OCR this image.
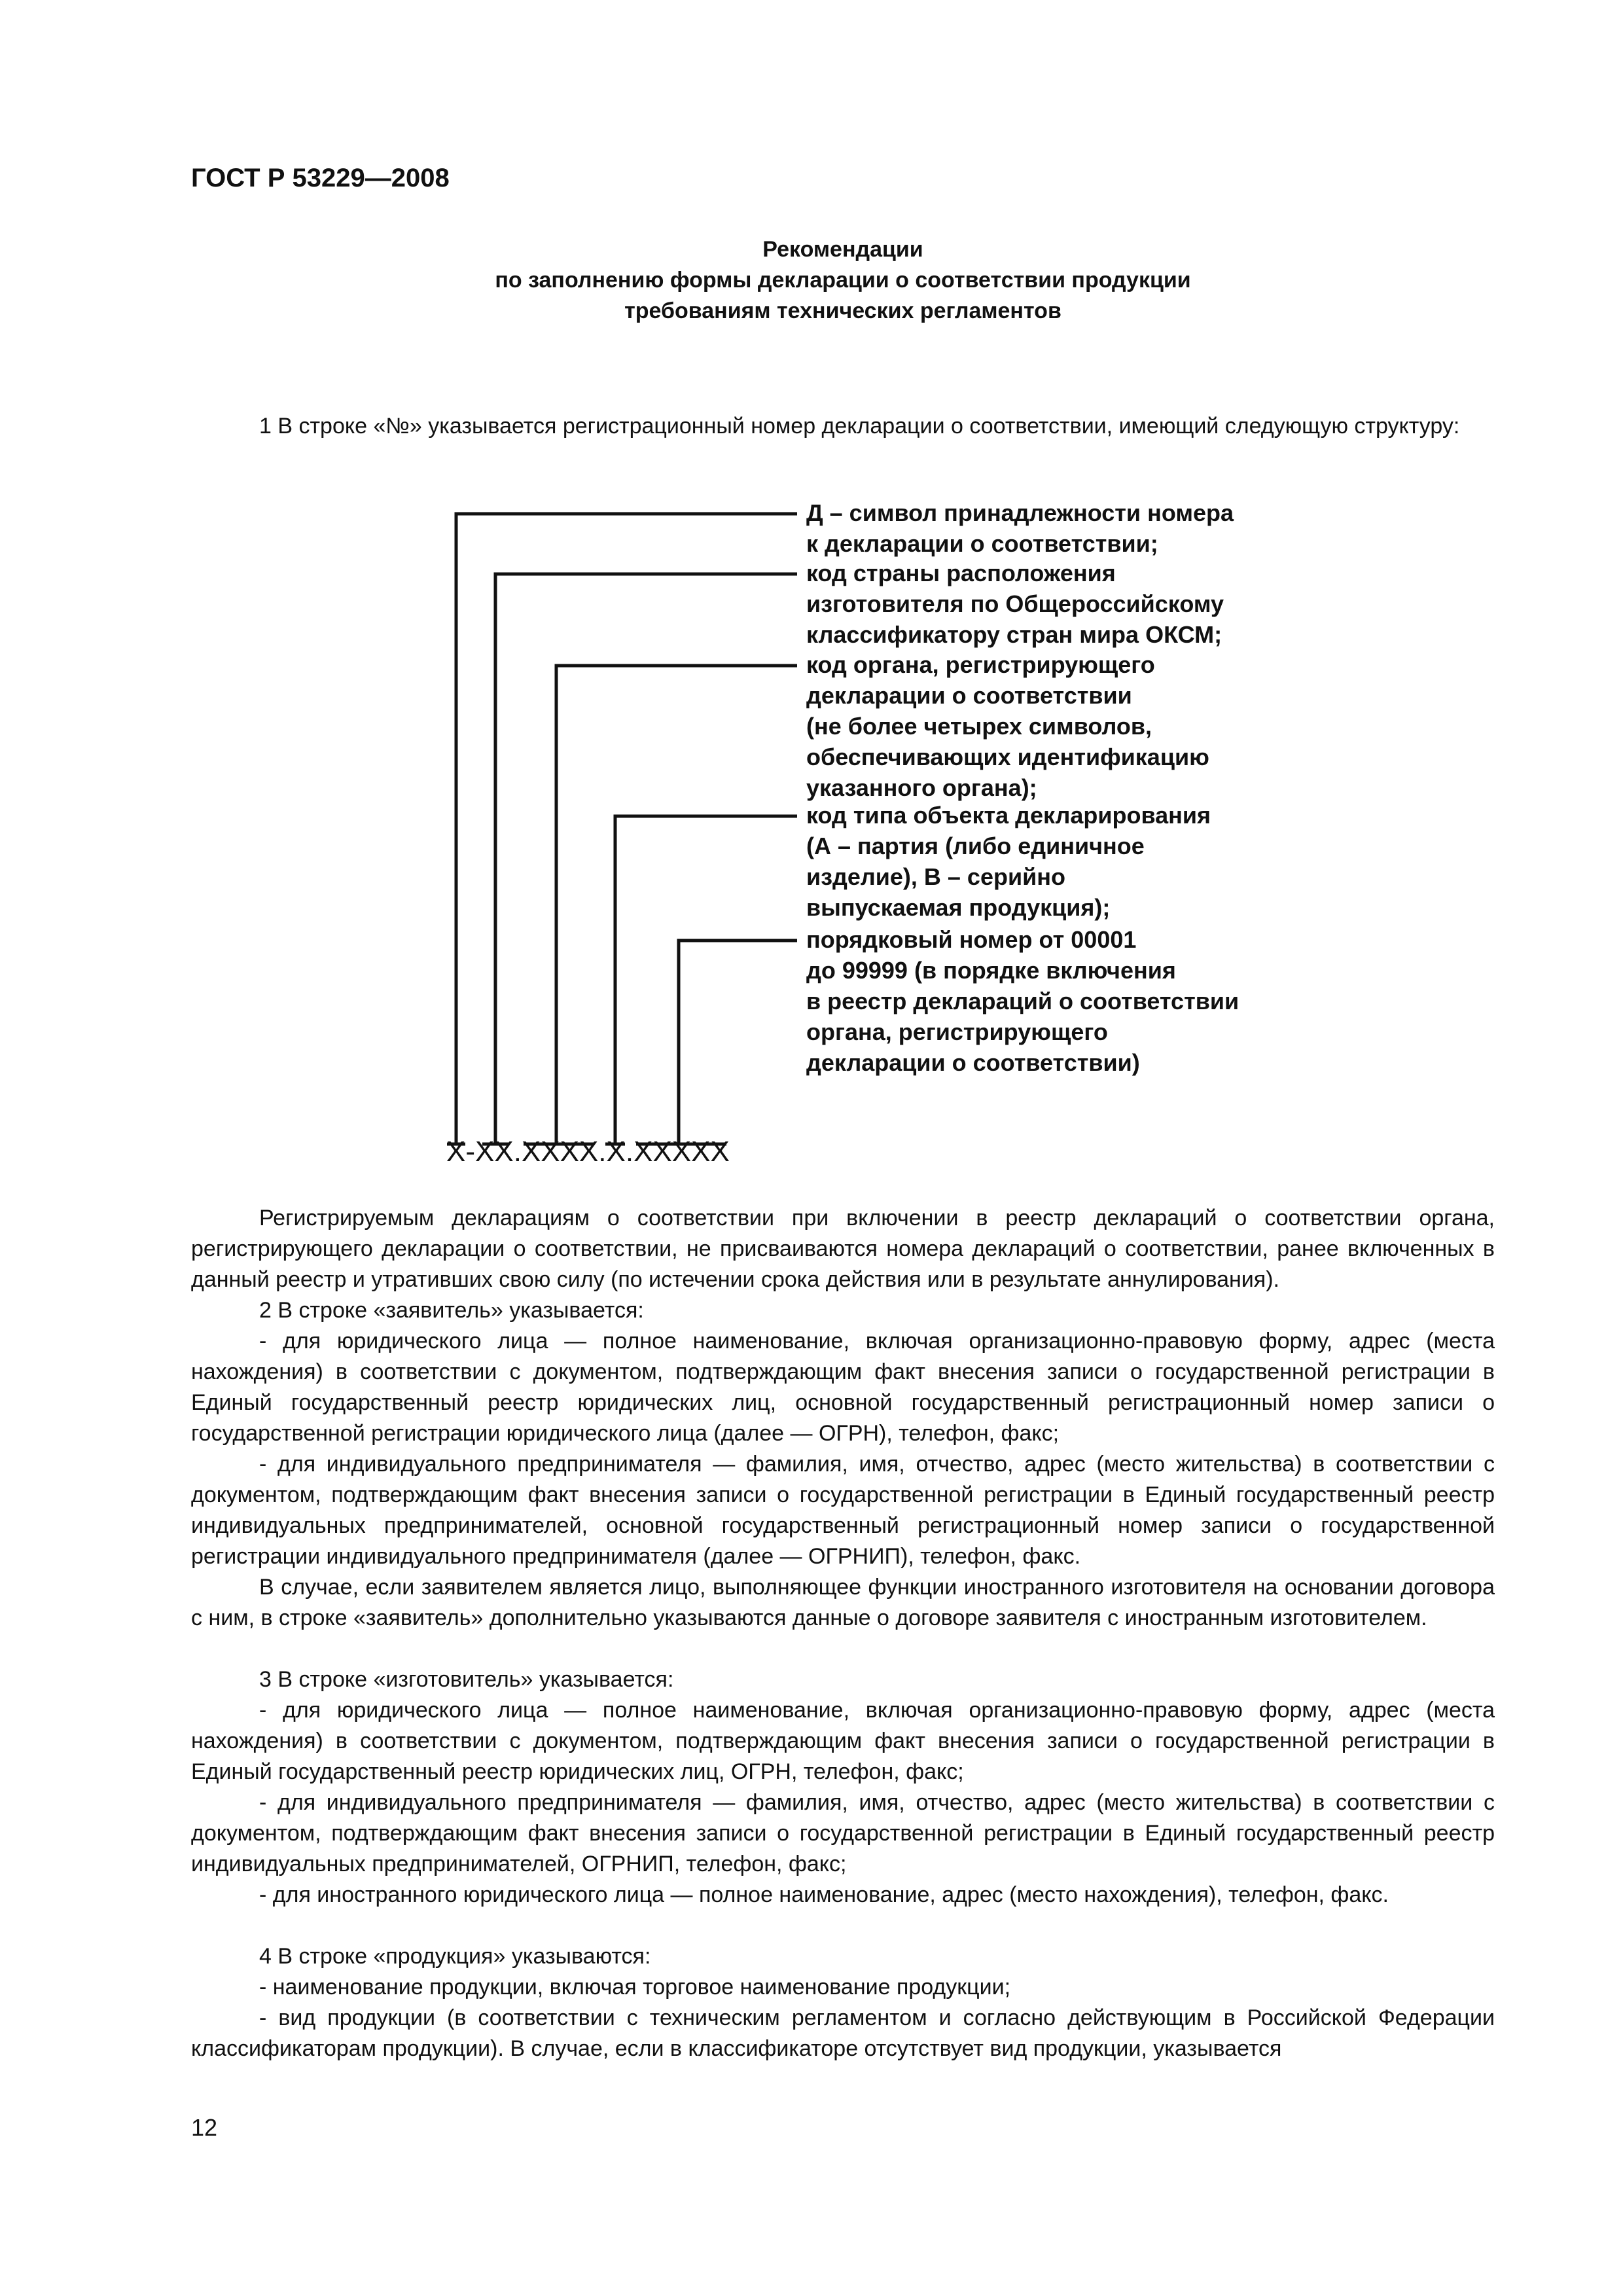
ГОСТ Р 53229—2008
Рекомендации
по заполнению формы декларации о соответствии продукции
требованиям технических регламентов
1 В строке «№» указывается регистрационный номер декларации о соответствии, имеющий следующую структуру:
Д – символ принадлежности номера
к декларации о соответствии;
код страны расположения
изготовителя по Общероссийскому
классификатору стран мира ОКСМ;
код органа, регистрирующего
декларации о соответствии
(не более четырех символов,
обеспечивающих идентификацию
указанного органа);
код типа объекта декларирования
(А – партия (либо единичное
изделие), В – серийно
выпускаемая продукция);
порядковый номер от 00001
до 99999 (в порядке включения
в реестр деклараций о соответствии
органа, регистрирующего
декларации о соответствии)
Х-ХХ.ХХХХ.Х.ХХХХХ
Регистрируемым декларациям о соответствии при включении в реестр деклараций о соответствии органа, регистрирующего декларации о соответствии, не присваиваются номера деклараций о соответствии, ранее включенных в данный реестр и утративших свою силу (по истечении срока действия или в результате аннулирования).
2 В строке «заявитель» указывается:
- для юридического лица — полное наименование, включая организационно-правовую форму, адрес (места нахождения) в соответствии с документом, подтверждающим факт внесения записи о государственной регистрации в Единый государственный реестр юридических лиц, основной государственный регистрационный номер записи о государственной регистрации юридического лица (далее — ОГРН), телефон, факс;
- для индивидуального предпринимателя — фамилия, имя, отчество, адрес (место жительства) в соответствии с документом, подтверждающим факт внесения записи о государственной регистрации в Единый государственный реестр индивидуальных предпринимателей, основной государственный регистрационный номер записи о государственной регистрации индивидуального предпринимателя (далее — ОГРНИП), телефон, факс.
В случае, если заявителем является лицо, выполняющее функции иностранного изготовителя на основании договора с ним, в строке «заявитель» дополнительно указываются данные о договоре заявителя с иностранным изготовителем.
3 В строке «изготовитель» указывается:
- для юридического лица — полное наименование, включая организационно-правовую форму, адрес (места нахождения) в соответствии с документом, подтверждающим факт внесения записи о государственной регистрации в Единый государственный реестр юридических лиц, ОГРН, телефон, факс;
- для индивидуального предпринимателя — фамилия, имя, отчество, адрес (место жительства) в соответствии с документом, подтверждающим факт внесения записи о государственной регистрации в Единый государственный реестр индивидуальных предпринимателей, ОГРНИП, телефон, факс;
- для иностранного юридического лица — полное наименование, адрес (место нахождения), телефон, факс.
4 В строке «продукция» указываются:
- наименование продукции, включая торговое наименование продукции;
- вид продукции (в соответствии с техническим регламентом и согласно действующим в Российской Федерации классификаторам продукции). В случае, если в классификаторе отсутствует вид продукции, указывается
12
